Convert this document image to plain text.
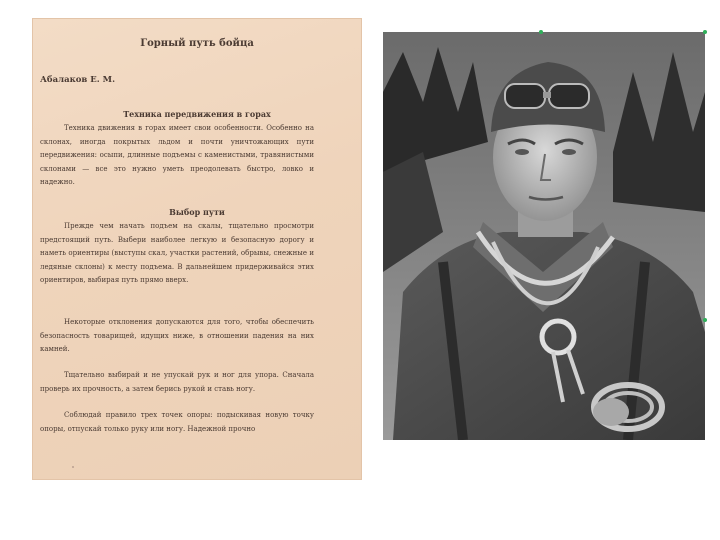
Горный путь бойца
Абалаков Е. М.
Техника передвижения в горах
Техника движения в горах имеет свои особенности. Особенно на склонах, иногда покрытых льдом и почти уничтожающих пути передвижения: осыпи, длинные подъемы с каменистыми, травянистыми склонами — все это нужно уметь преодолевать быстро, ловко и надежно.
Выбор пути
Прежде чем начать подъем на скалы, тщательно просмотри предстоящий путь. Выбери наиболее легкую и безопасную дорогу и наметь ориентиры (выступы скал, участки растений, обрывы, снежные и ледяные склоны) к месту подъема. В дальнейшем придерживайся этих ориентиров, выбирая путь прямо вверх.
Некоторые отклонения допускаются для того, чтобы обеспечить безопасность товарищей, идущих ниже, в отношении падения на них камней.
Тщательно выбирай и не упускай рук и ног для упора. Сначала проверь их прочность, а затем берись рукой и ставь ногу.
Соблюдай правило трех точек опоры: подыскивая новую точку опоры, отпускай только руку или ногу. Надежной прочно
